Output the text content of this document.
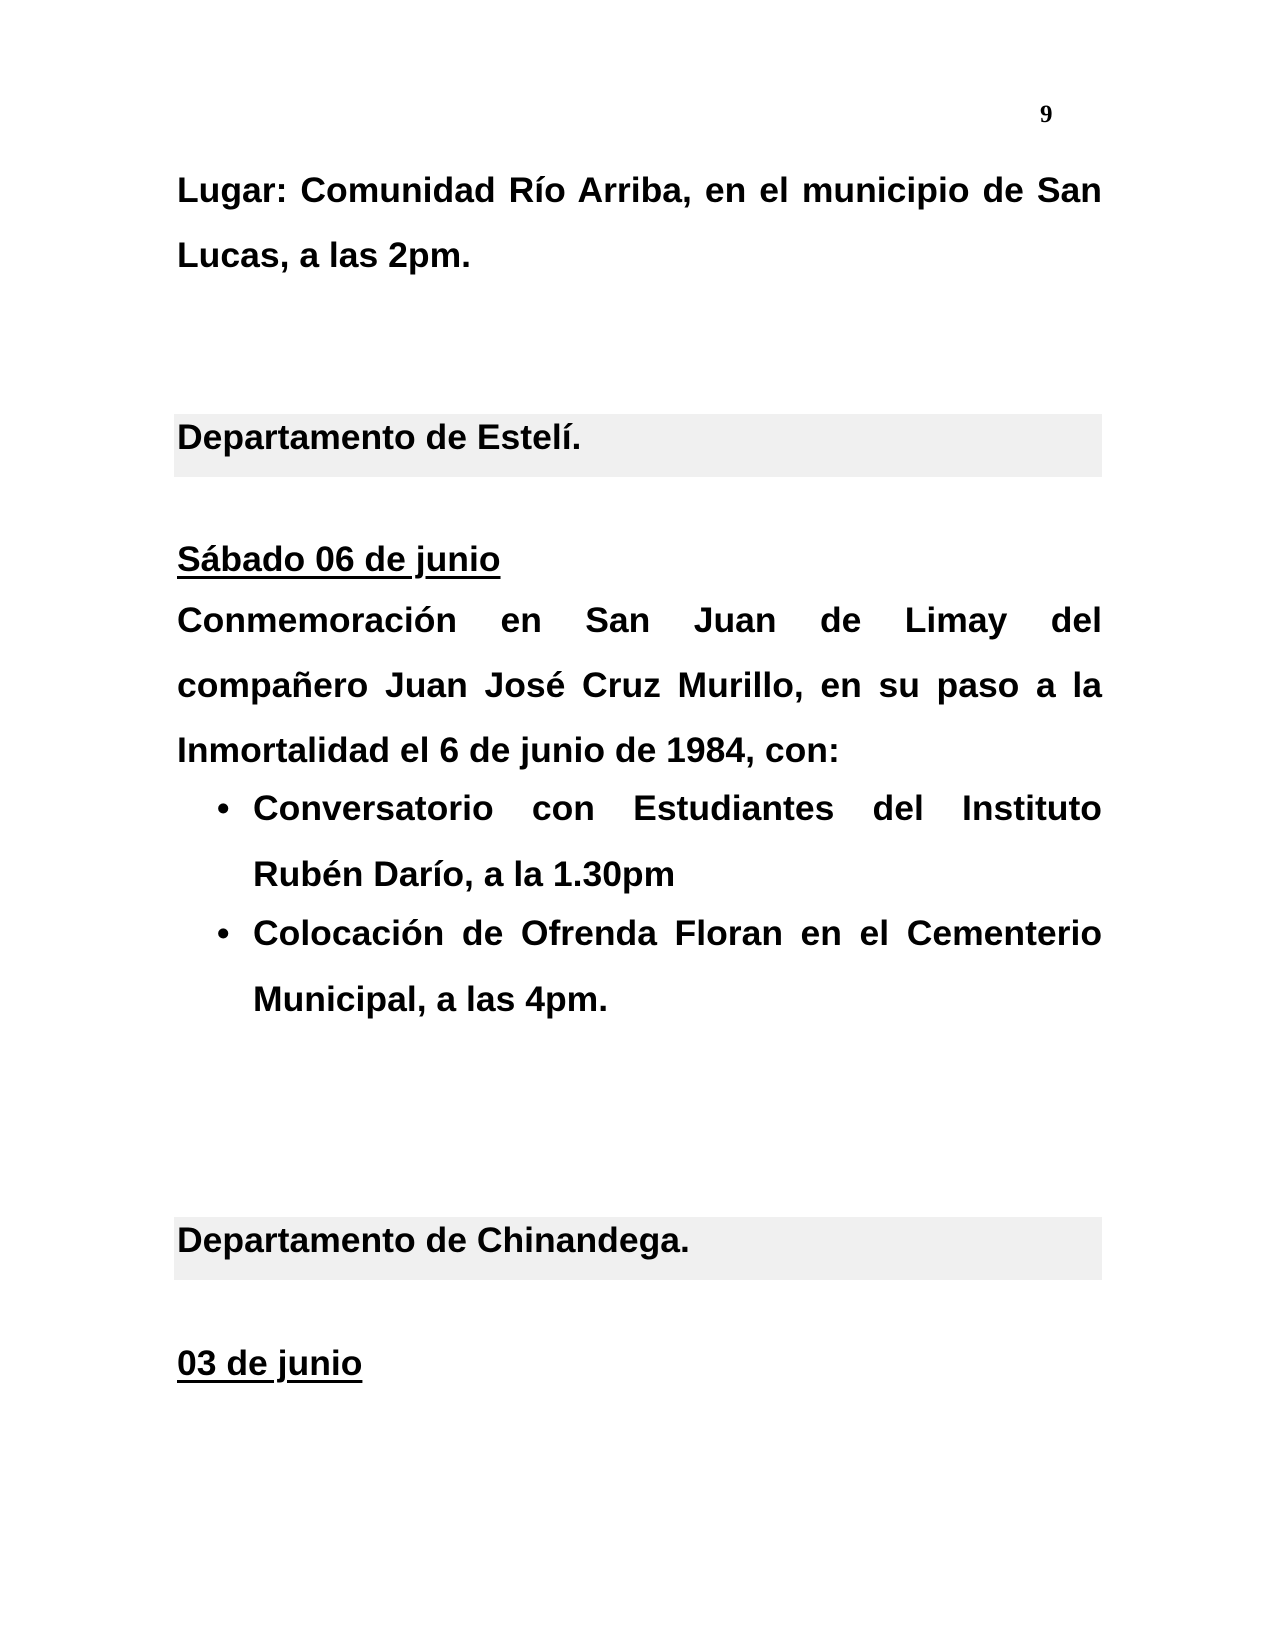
9

Lugar: Comunidad Río Arriba, en el municipio de San Lucas, a las 2pm.

Departamento de Estelí.
Sábado 06 de junio

Conmemoración en San Juan de Limay del compañero Juan José Cruz Murillo, en su paso a la Inmortalidad el 6 de junio de 1984, con:

• Conversatorio con Estudiantes del Instituto Rubén Darío, a la 1.30pm
• Colocación de Ofrenda Floran en el Cementerio Municipal, a las 4pm.
Departamento de Chinandega.
03 de junio
